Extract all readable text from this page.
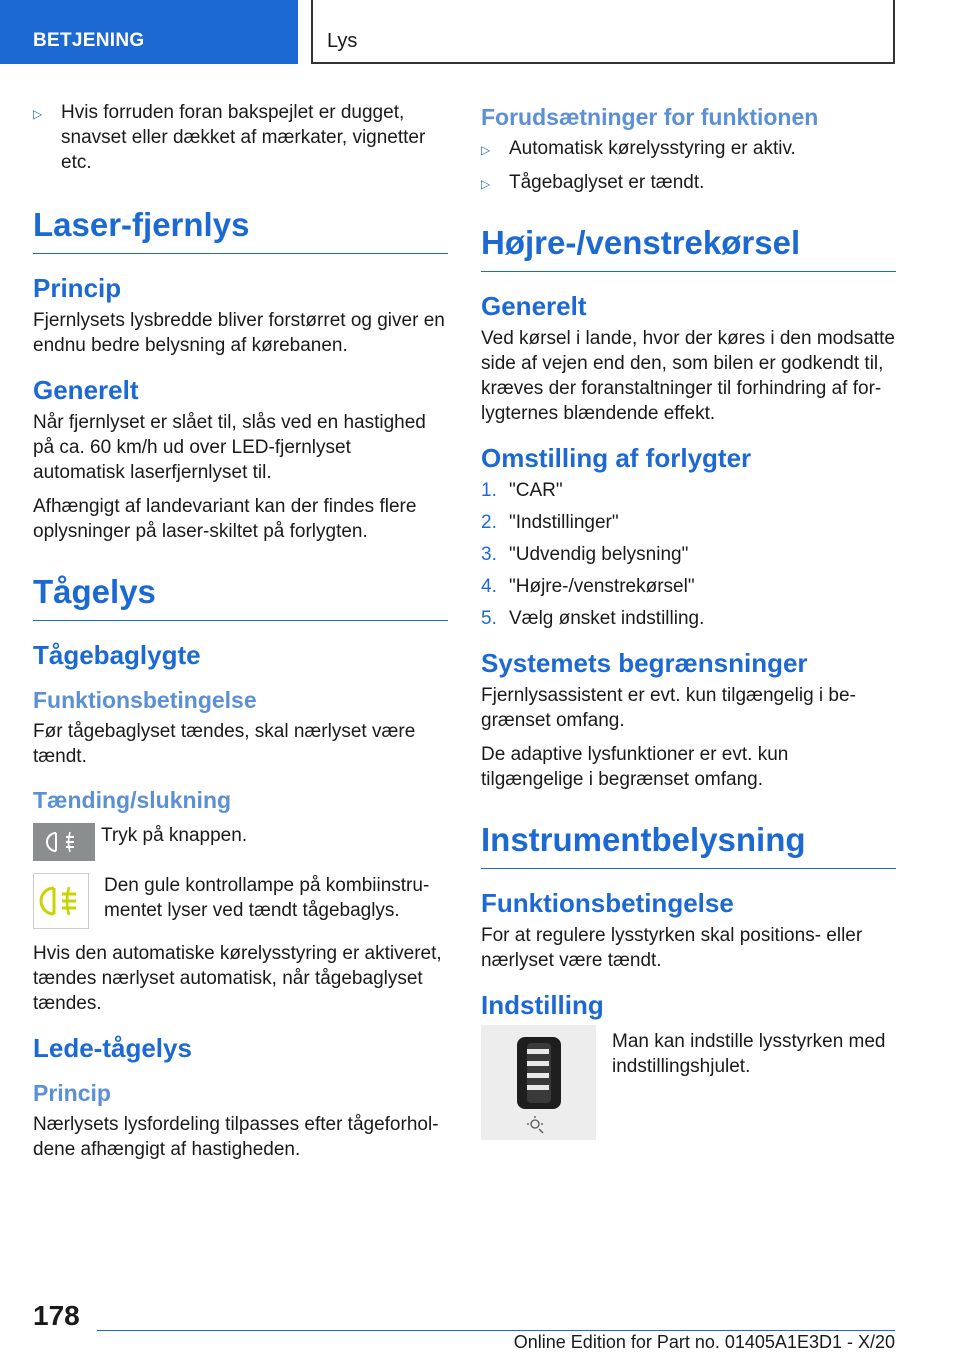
BETJENING	Lys
▷ Hvis forruden foran bakspejlet er dugget, snavset eller dækket af mærkater, vignetter etc.
Laser-fjernlys
Princip

Fjernlysets lysbredde bliver forstørret og giver en endnu bedre belysning af kørebanen.

Generelt

Når fjernlyset er slået til, slås ved en hastighed på ca. 60 km/h ud over LED-fjernlyset automatisk laserfjernlyset til.

Afhængigt af landevariant kan der findes flere oplysninger på laser-skiltet på forlygten.

Tågelys
Tågebaglygte
Funktionsbetingelse

Før tågebaglyset tændes, skal nærlyset være tændt.

Tænding/slukning
Tryk på knappen.
Den gule kontrollampe på kombiinstrumentet lyser ved tændt tågebaglys.

Hvis den automatiske kørelysstyring er aktiveret, tændes nærlyset automatisk, når tågebaglyset tændes.

Lede-tågelys
Princip

Nærlysets lysfordeling tilpasses efter tågeforholdene afhængigt af hastigheden.

Forudsætninger for funktionen
▷ Automatisk kørelysstyring er aktiv.
▷ Tågebaglyset er tændt.
Højre-/venstrekørsel
Generelt

Ved kørsel i lande, hvor der køres i den modsatte side af vejen end den, som bilen er godkendt til, kræves der foranstaltninger til forhindring af forlygternes blændende effekt.

Omstilling af forlygter
1. "CAR"
2. "Indstillinger"
3. "Udvendig belysning"
4. "Højre-/venstrekørsel"
5. Vælg ønsket indstilling.
Systemets begrænsninger

Fjernlysassistent er evt. kun tilgængelig i begrænset omfang.

De adaptive lysfunktioner er evt. kun tilgængelige i begrænset omfang.

Instrumentbelysning
Funktionsbetingelse

For at regulere lysstyrken skal positions- eller nærlyset være tændt.

Indstilling
Man kan indstille lysstyrken med indstillingshjulet.
178
Online Edition for Part no. 01405A1E3D1 - X/20
